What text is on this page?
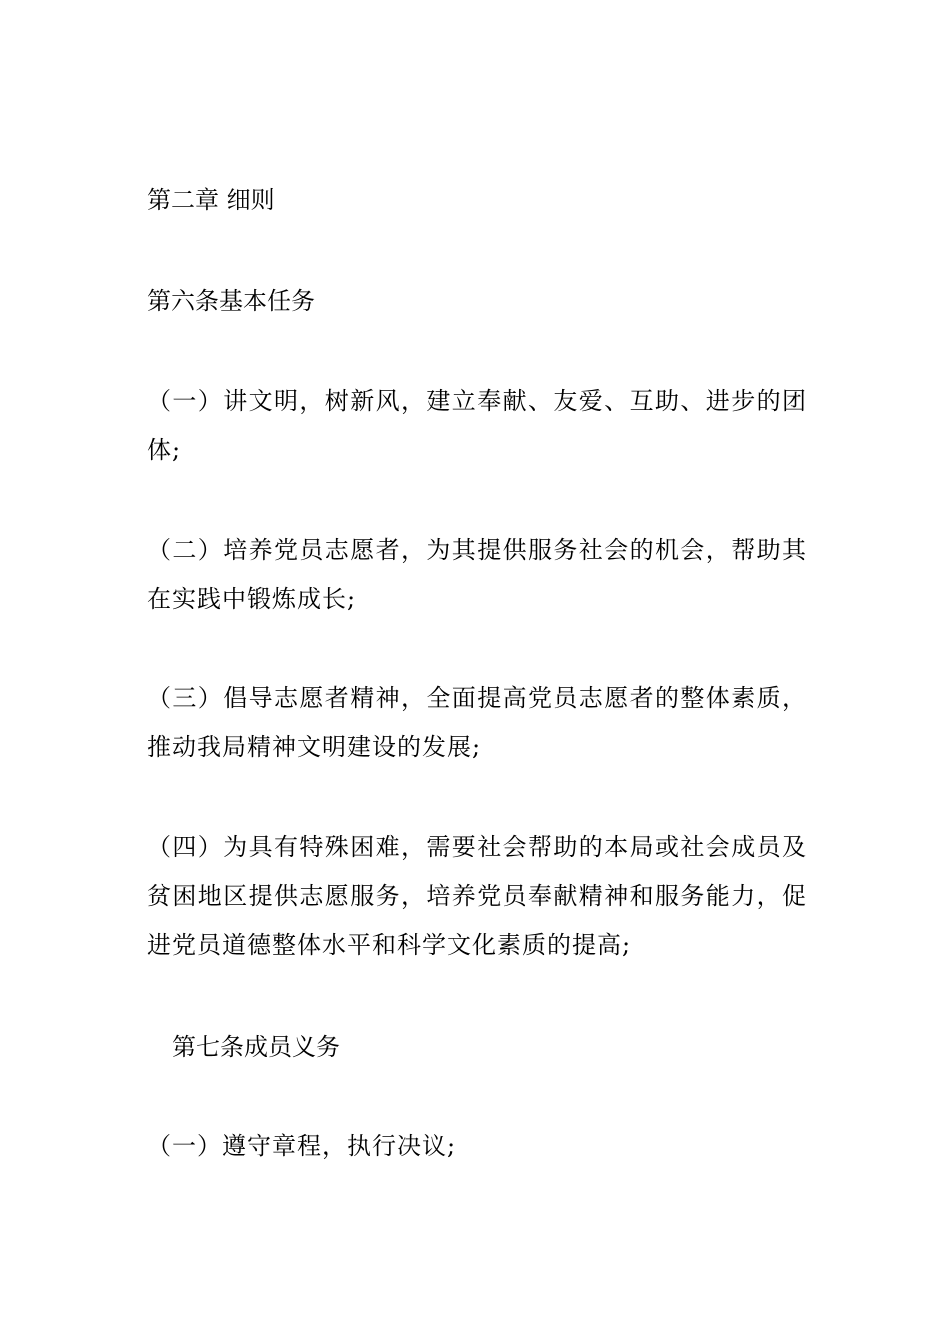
第二章 细则

第六条基本任务

（一）讲文明，树新风，建立奉献、友爱、互助、进步的团体;

（二）培养党员志愿者，为其提供服务社会的机会，帮助其在实践中锻炼成长;

（三）倡导志愿者精神，全面提高党员志愿者的整体素质，推动我局精神文明建设的发展;

（四）为具有特殊困难，需要社会帮助的本局或社会成员及贫困地区提供志愿服务，培养党员奉献精神和服务能力，促进党员道德整体水平和科学文化素质的提高;

第七条成员义务

（一）遵守章程，执行决议;
